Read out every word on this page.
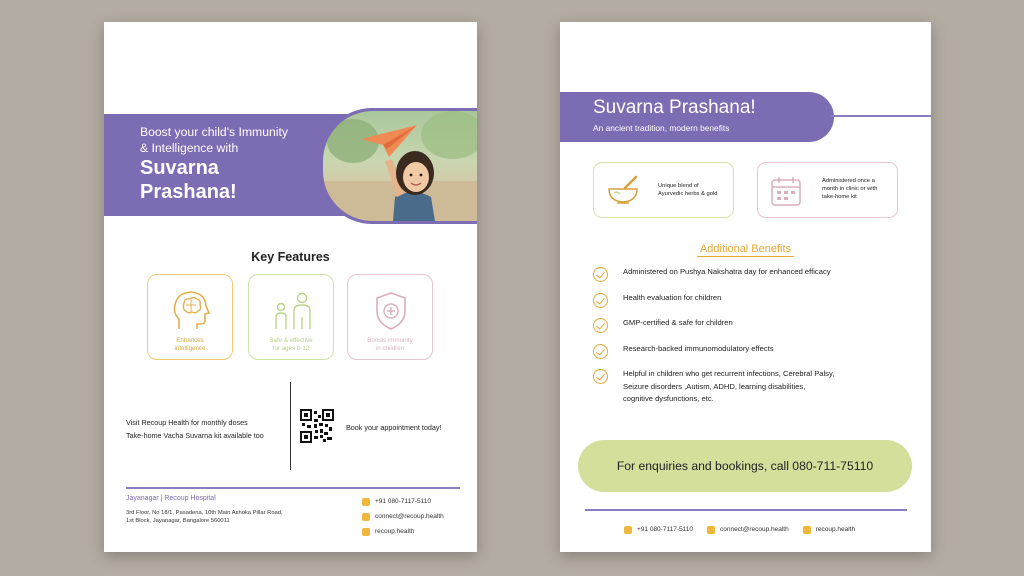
Boost your child's Immunity
& Intelligence with
Suvarna
Prashana!
Key Features
Enhances
intelligence
Safe & effective
for ages 0-12
Boosts immunity
in children
Visit Recoup Health for monthly doses
Take-home Vacha Suvarna kit available too
Book your appointment today!
Jayanagar | Recoup Hospital
3rd Floor, No 18/1, Pasadena, 10th Main Ashoka Pillar Road,
1st Block, Jayanagar, Bangalore 560011
+91 080-7117-5110
connect@recoup.health
recoup.health
Suvarna Prashana!
An ancient tradition, modern benefits
Unique blend of
Ayurvedic herbs & gold
Administered once a
month in clinic or with
take-home kit
Additional Benefits
Administered on Pushya Nakshatra day for enhanced efficacy
Health evaluation for children
GMP-certified & safe for children
Research-backed immunomodulatory effects
Helpful in children who get recurrent infections, Cerebral Palsy,
Seizure disorders ,Autism, ADHD, learning disabilities,
cognitive dysfunctions, etc.
For enquiries and bookings, call 080-711-75110
+91 080-7117-5110	connect@recoup.health	recoup.health
